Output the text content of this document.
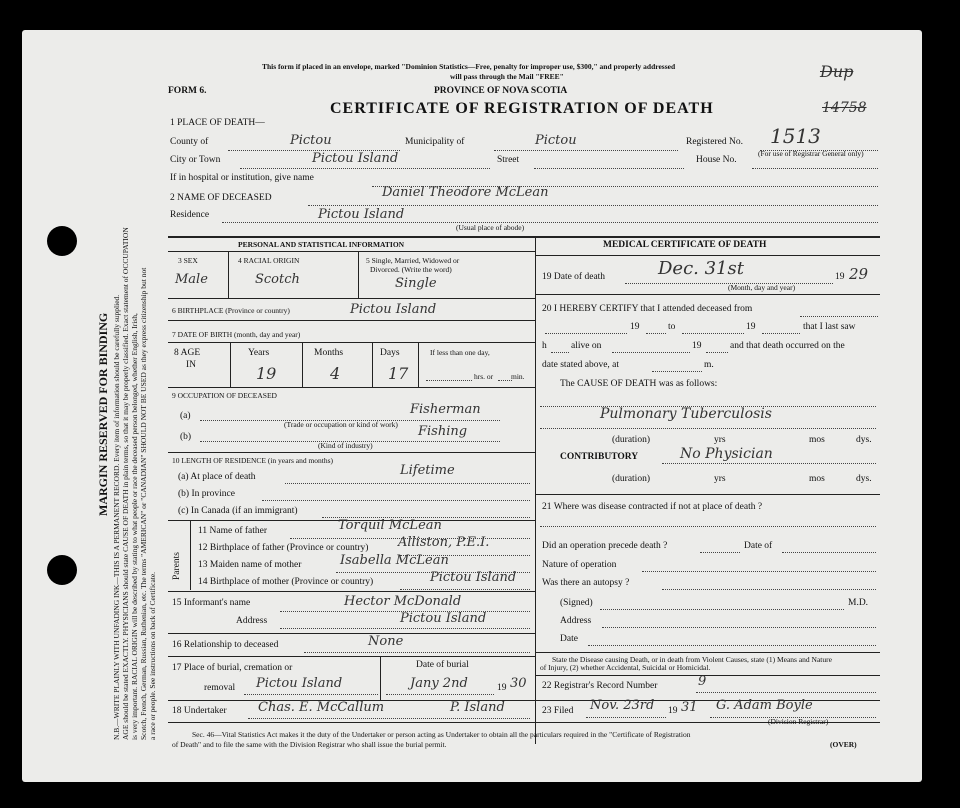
MARGIN RESERVED FOR BINDING N.B.—WRITE PLAINLY WITH UNFADING INK—THIS IS A PERMANENT RECORD. Every item of information should be carefully supplied. AGE should be stated EXACTLY. PHYSICIANS should state CAUSE OF DEATH in plain terms, so that it may be properly classified. Exact statement of OCCUPATION is very important. RACIAL ORIGIN will be described by stating to what people or race the deceased person belonged, whether English, Irish, Scotch, French, German, Russian, Ruthenian, etc. The terms "AMERICAN" or "CANADIAN" SHOULD NOT BE USED as they express citizenship but not a race or people. See instructions on back of Certificate.
This form if placed in an envelope, marked "Dominion Statistics—Free, penalty for improper use, $300," and properly addressed
will pass through the Mail "FREE"
PROVINCE OF NOVA SCOTIA
FORM 6.
CERTIFICATE OF REGISTRATION OF DEATH
Dup
14758
1 PLACE OF DEATH—
County of	Pictou	Municipality of	Pictou	Registered No. 1513
(For use of Registrar General only)
City or Town	Pictou Island	Street	House No.
If in hospital or institution, give name
2 NAME OF DECEASED	Daniel Theodore McLean
Residence	Pictou Island
(Usual place of abode)
PERSONAL AND STATISTICAL INFORMATION	MEDICAL CERTIFICATE OF DEATH
3 SEX
Male
4 RACIAL ORIGIN
Scotch
5 Single, Married, Widowed or
Divorced. (Write the word)
Single
6 BIRTHPLACE (Province or country)	Pictou Island
7 DATE OF BIRTH (month, day and year)
8 AGE
IN
Years
19
Months
4
Days
17
If less than one day,
hrs. or min.
9 OCCUPATION OF DECEASED
(a)	Fisherman
(Trade or occupation or kind of work)
(b)	Fishing
(Kind of industry)
10 LENGTH OF RESIDENCE (in years and months)
(a) At place of death	Lifetime
(b) In province
(c) In Canada (if an immigrant)
Parents
11 Name of father	Torquil McLean
12 Birthplace of father (Province or country) Alliston, P.E.I.
13 Maiden name of mother	Isabella McLean
14 Birthplace of mother (Province or country)	Pictou Island
15 Informant's name	Hector McDonald
Address	Pictou Island
16 Relationship to deceased	None
17 Place of burial, cremation or
removal Pictou Island
Date of burial
Jany 2nd	19 30
18 Undertaker Chas. E. McCallum	P. Island
19 Date of death	Dec. 31st
(Month, day and year)
19 29
20 I HEREBY CERTIFY that I attended deceased from
19	to	19	that I last saw
h	alive on	19	and that death occurred on the
date stated above, at	m.
The CAUSE OF DEATH was as follows:
Pulmonary Tuberculosis
(duration)	yrs	mos	dys.
CONTRIBUTORY	No Physician
(duration)	yrs	mos	dys.
21 Where was disease contracted if not at place of death ?
Did an operation precede death ?	Date of
Nature of operation
Was there an autopsy ?
(Signed)	M.D.
Address
Date
State the Disease causing Death, or in death from Violent Causes, state (1) Means and Nature
of Injury, (2) whether Accidental, Suicidal or Homicidal.
22 Registrar's Record Number	9
23 Filed Nov. 23rd 19 31 G. Adam Boyle
(Division Registrar)
Sec. 46—Vital Statistics Act makes it the duty of the Undertaker or person acting as Undertaker to obtain all the particulars required in the "Certificate of Registration
of Death" and to file the same with the Division Registrar who shall issue the burial permit.	(OVER)
